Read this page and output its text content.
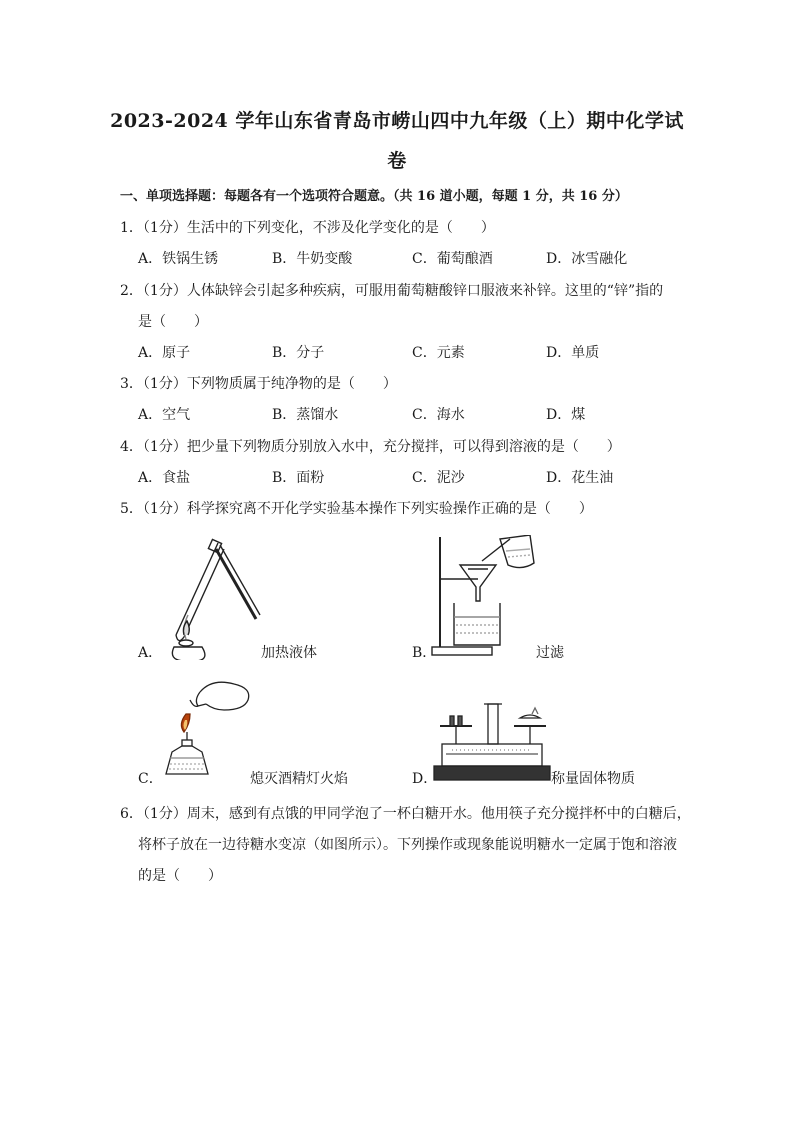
2023-2024 学年山东省青岛市崂山四中九年级（上）期中化学试
卷
一、单项选择题：每题各有一个选项符合题意。（共 16 道小题，每题 1 分，共 16 分）
1．（1分）生活中的下列变化，不涉及化学变化的是（　　）
A．铁锅生锈	B．牛奶变酸	C．葡萄酿酒	D．冰雪融化
2．（1分）人体缺锌会引起多种疾病，可服用葡萄糖酸锌口服液来补锌。这里的“锌”指的
是（　　）
A．原子	B．分子	C．元素	D．单质
3．（1分）下列物质属于纯净物的是（　　）
A．空气	B．蒸馏水	C．海水	D．煤
4．（1分）把少量下列物质分别放入水中，充分搅拌，可以得到溶液的是（　　）
A．食盐	B．面粉	C．泥沙	D．花生油
5．（1分）科学探究离不开化学实验基本操作下列实验操作正确的是（　　）
A．	加热液体	B．	过滤
C．	熄灭酒精灯火焰	D．	称量固体物质
6．（1分）周末，感到有点饿的甲同学泡了一杯白糖开水。他用筷子充分搅拌杯中的白糖后，
将杯子放在一边待糖水变凉（如图所示）。下列操作或现象能说明糖水一定属于饱和溶液
的是（　　）
